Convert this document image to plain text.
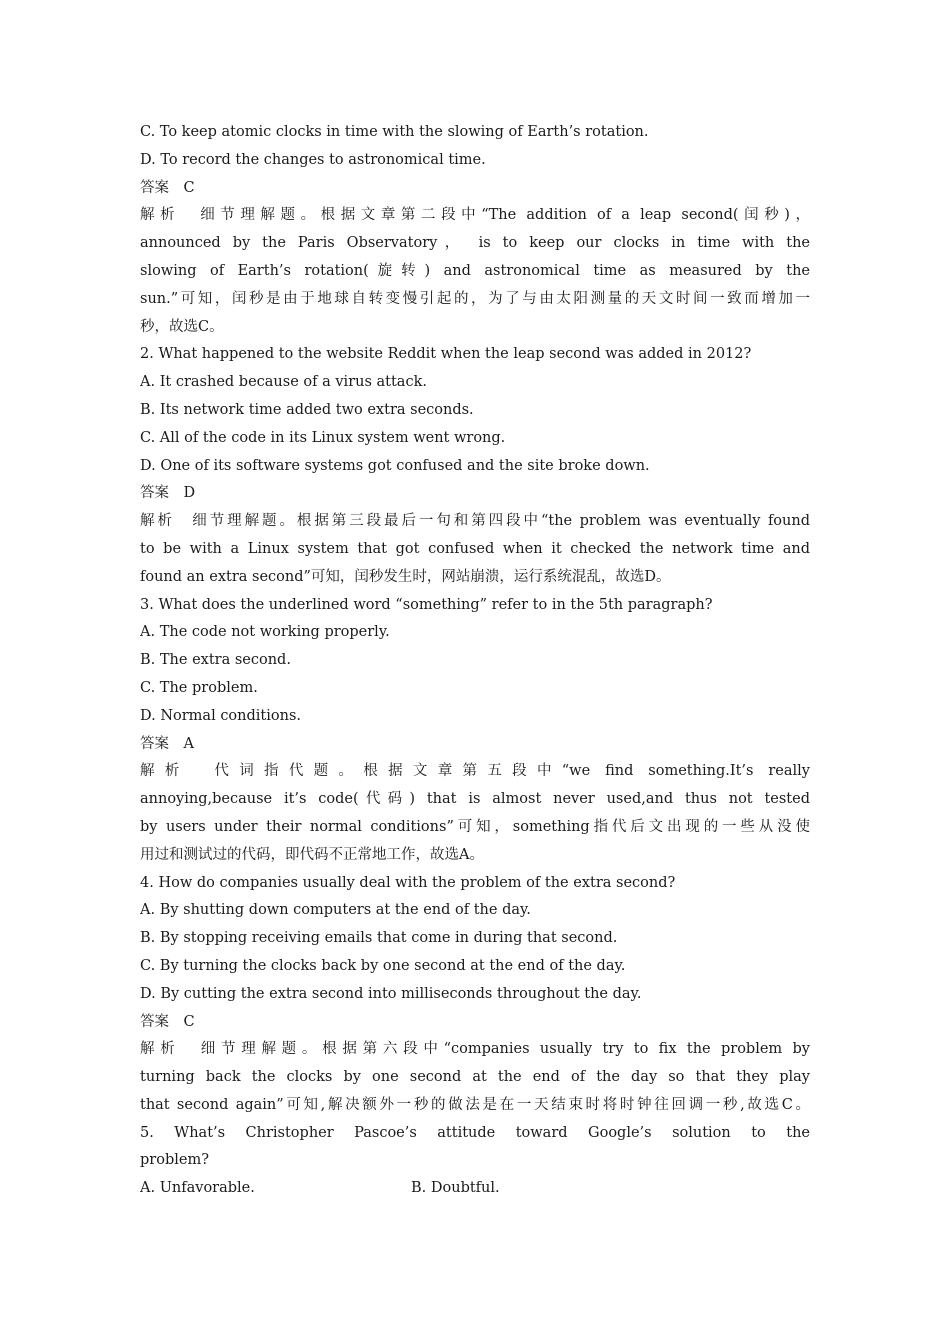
C. To keep atomic clocks in time with the slowing of Earth’s rotation.
D. To record the changes to astronomical time.
答案　C
解析　细节理解题。根据文章第二段中“The addition of a leap second(闰秒)，
announced by the Paris Observatory， is to keep our clocks in time with the
slowing of Earth’s rotation(旋转) and astronomical time as measured by the
sun.”可知，闰秒是由于地球自转变慢引起的，为了与由太阳测量的天文时间一致而增加一
秒，故选C。
2. What happened to the website Reddit when the leap second was added in 2012?
A. It crashed because of a virus attack.
B. Its network time added two extra seconds.
C. All of the code in its Linux system went wrong.
D. One of its software systems got confused and the site broke down.
答案　D
解析　细节理解题。根据第三段最后一句和第四段中“the problem was eventually found
to be with a Linux system that got confused when it checked the network time and
found an extra second”可知，闰秒发生时，网站崩溃，运行系统混乱，故选D。
3. What does the underlined word “something” refer to in the 5th paragraph?
A. The code not working properly.
B. The extra second.
C. The problem.
D. Normal conditions.
答案　A
解析　代词指代题。根据文章第五段中“we find something.It’s really
annoying,because it’s code(代码) that is almost never used,and thus not tested
by users under their normal conditions”可知，something指代后文出现的一些从没使
用过和测试过的代码，即代码不正常地工作，故选A。
4. How do companies usually deal with the problem of the extra second?
A. By shutting down computers at the end of the day.
B. By stopping receiving emails that come in during that second.
C. By turning the clocks back by one second at the end of the day.
D. By cutting the extra second into milliseconds throughout the day.
答案　C
解析　细节理解题。根据第六段中“companies usually try to fix the problem by
turning back the clocks by one second at the end of the day so that they play
that second again”可知,解决额外一秒的做法是在一天结束时将时钟往回调一秒,故选C。
5. What’s Christopher Pascoe’s attitude toward Google’s solution to the
problem?
A. Unfavorable.	B. Doubtful.
